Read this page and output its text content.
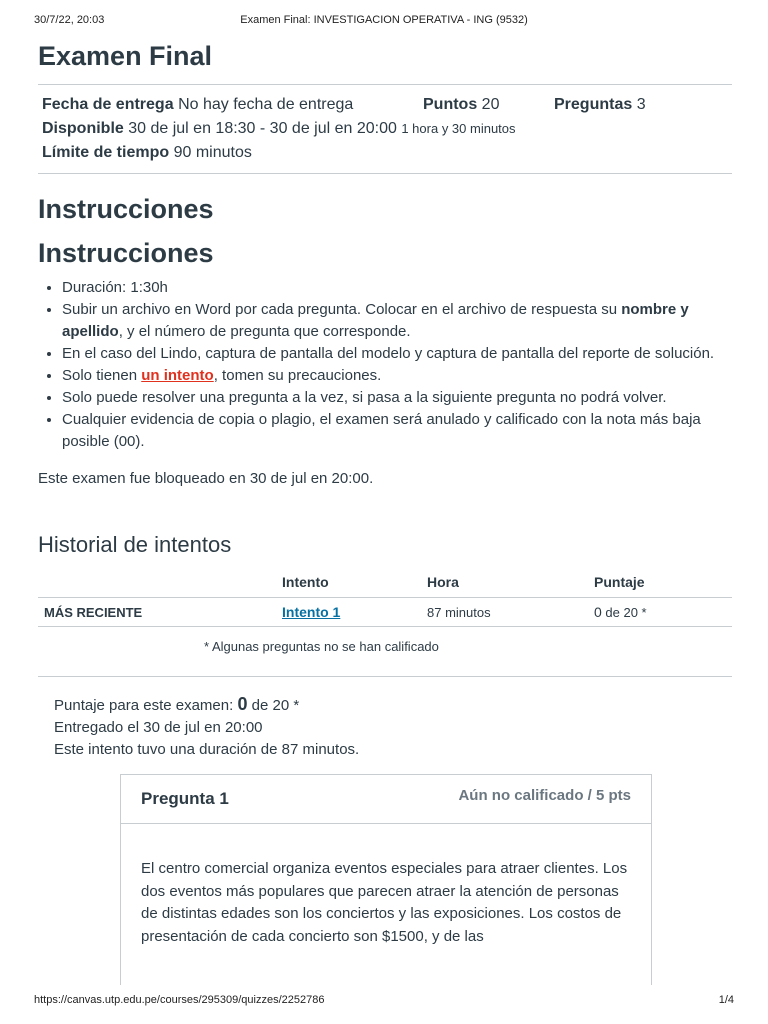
30/7/22, 20:03	Examen Final: INVESTIGACION OPERATIVA - ING (9532)
Examen Final
Fecha de entrega No hay fecha de entrega	Puntos 20	Preguntas 3
Disponible 30 de jul en 18:30 - 30 de jul en 20:00 1 hora y 30 minutos
Límite de tiempo 90 minutos
Instrucciones
Instrucciones
• Duración: 1:30h
• Subir un archivo en Word por cada pregunta. Colocar en el archivo de respuesta su nombre y apellido, y el número de pregunta que corresponde.
• En el caso del Lindo, captura de pantalla del modelo y captura de pantalla del reporte de solución.
• Solo tienen un intento, tomen su precauciones.
• Solo puede resolver una pregunta a la vez, si pasa a la siguiente pregunta no podrá volver.
• Cualquier evidencia de copia o plagio, el examen será anulado y calificado con la nota más baja posible (00).

Este examen fue bloqueado en 30 de jul en 20:00.

Historial de intentos
	Intento	Hora	Puntaje
MÁS RECIENTE	Intento 1	87 minutos	0 de 20 *
* Algunas preguntas no se han calificado
Puntaje para este examen: 0 de 20 *
Entregado el 30 de jul en 20:00
Este intento tuvo una duración de 87 minutos.
Pregunta 1	Aún no calificado / 5 pts
El centro comercial organiza eventos especiales para atraer clientes. Los dos eventos más populares que parecen atraer la atención de personas de distintas edades son los conciertos y las exposiciones. Los costos de presentación de cada concierto son $1500, y de las
https://canvas.utp.edu.pe/courses/295309/quizzes/2252786	1/4
